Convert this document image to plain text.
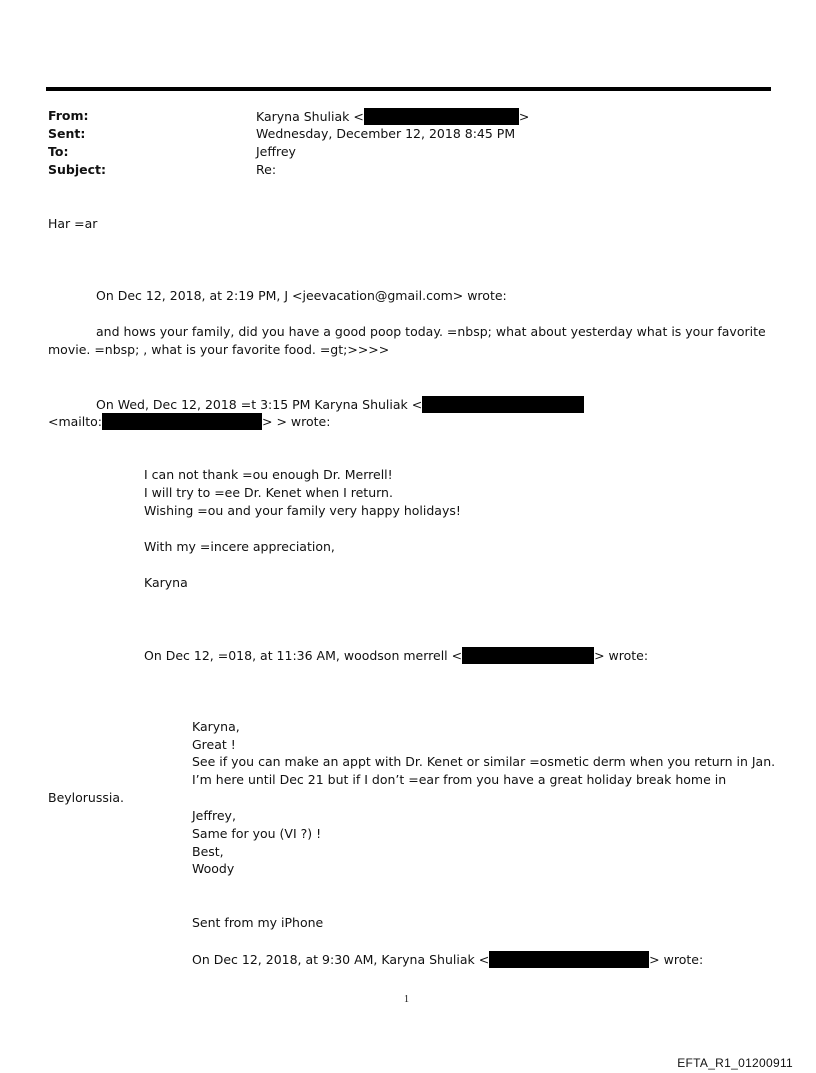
From:	Karyna Shuliak <	>
Sent:	Wednesday, December 12, 2018 8:45 PM
To:	Jeffrey
Subject:	Re:
Har =ar
On Dec 12, 2018, at 2:19 PM, J <jeevacation@gmail.com> wrote:
and hows your family, did you have a good poop today. =nbsp; what about yesterday what is your favorite
movie. =nbsp; , what is your favorite food. =gt;>>>>
On Wed, Dec 12, 2018 =t 3:15 PM Karyna Shuliak <
<mailto:	> > wrote:
I can not thank =ou enough Dr. Merrell!
I will try to =ee Dr. Kenet when I return.
Wishing =ou and your family very happy holidays!
With my =incere appreciation,
Karyna
On Dec 12, =018, at 11:36 AM, woodson merrell <	> wrote:
Karyna,
Great !
See if you can make an appt with Dr. Kenet or similar =osmetic derm when you return in Jan.
I’m here until Dec 21 but if I don’t =ear from you have a great holiday break home in
Beylorussia.
Jeffrey,
Same for you (VI ?) !
Best,
Woody
Sent from my iPhone
On Dec 12, 2018, at 9:30 AM, Karyna Shuliak <	> wrote:
1
EFTA_R1_01200911
